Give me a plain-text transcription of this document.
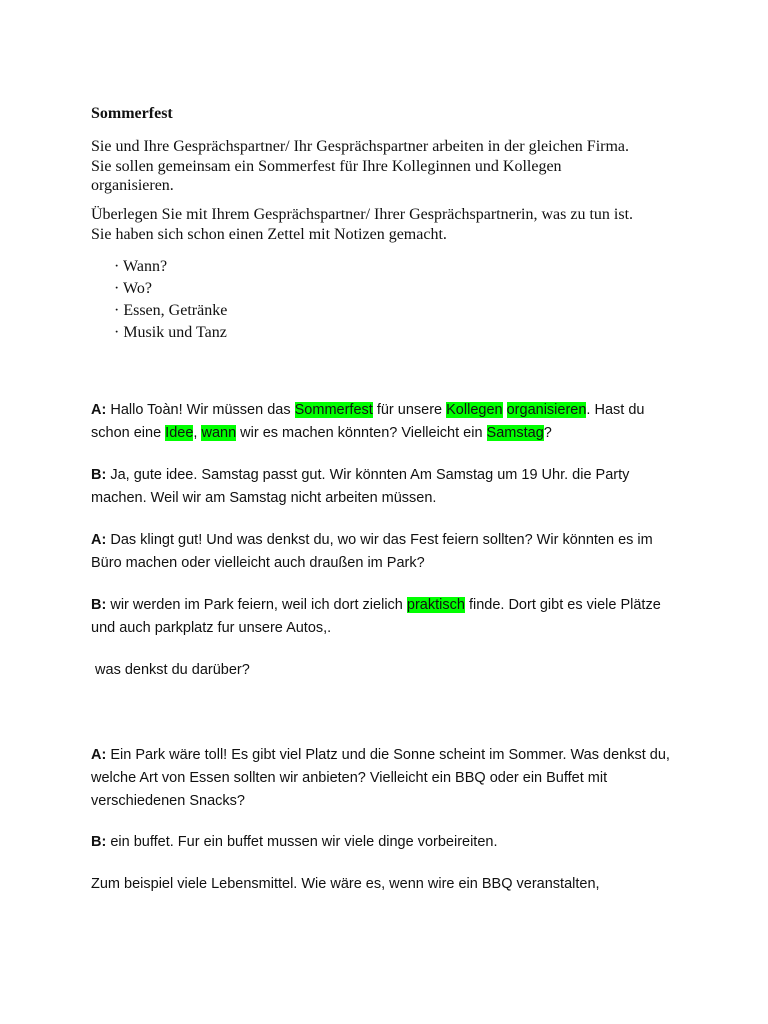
Sommerfest
Sie und Ihre Gesprächspartner/ Ihr Gesprächspartner arbeiten in der gleichen Firma.
Sie sollen gemeinsam ein Sommerfest für Ihre Kolleginnen und Kollegen
organisieren.
Überlegen Sie mit Ihrem Gesprächspartner/ Ihrer Gesprächspartnerin, was zu tun ist.
Sie haben sich schon einen Zettel mit Notizen gemacht.
· Wann?
· Wo?
· Essen, Getränke
· Musik und Tanz

A: Hallo Toàn! Wir müssen das Sommerfest für unsere Kollegen organisieren. Hast du schon eine Idee, wann wir es machen könnten? Vielleicht ein Samstag?

B: Ja, gute idee. Samstag passt gut. Wir könnten Am Samstag um 19 Uhr. die Party machen. Weil wir am Samstag nicht arbeiten müssen.

A: Das klingt gut! Und was denkst du, wo wir das Fest feiern sollten? Wir könnten es im Büro machen oder vielleicht auch draußen im Park?

B: wir werden im Park feiern, weil ich dort zielich praktisch finde. Dort gibt es viele Plätze und auch parkplatz fur unsere Autos,.

was denkst du darüber?

A: Ein Park wäre toll! Es gibt viel Platz und die Sonne scheint im Sommer. Was denkst du, welche Art von Essen sollten wir anbieten? Vielleicht ein BBQ oder ein Buffet mit verschiedenen Snacks?

B: ein buffet. Fur ein buffet mussen wir viele dinge vorbeireiten.

Zum beispiel viele Lebensmittel. Wie wäre es, wenn wire ein BBQ veranstalten,
